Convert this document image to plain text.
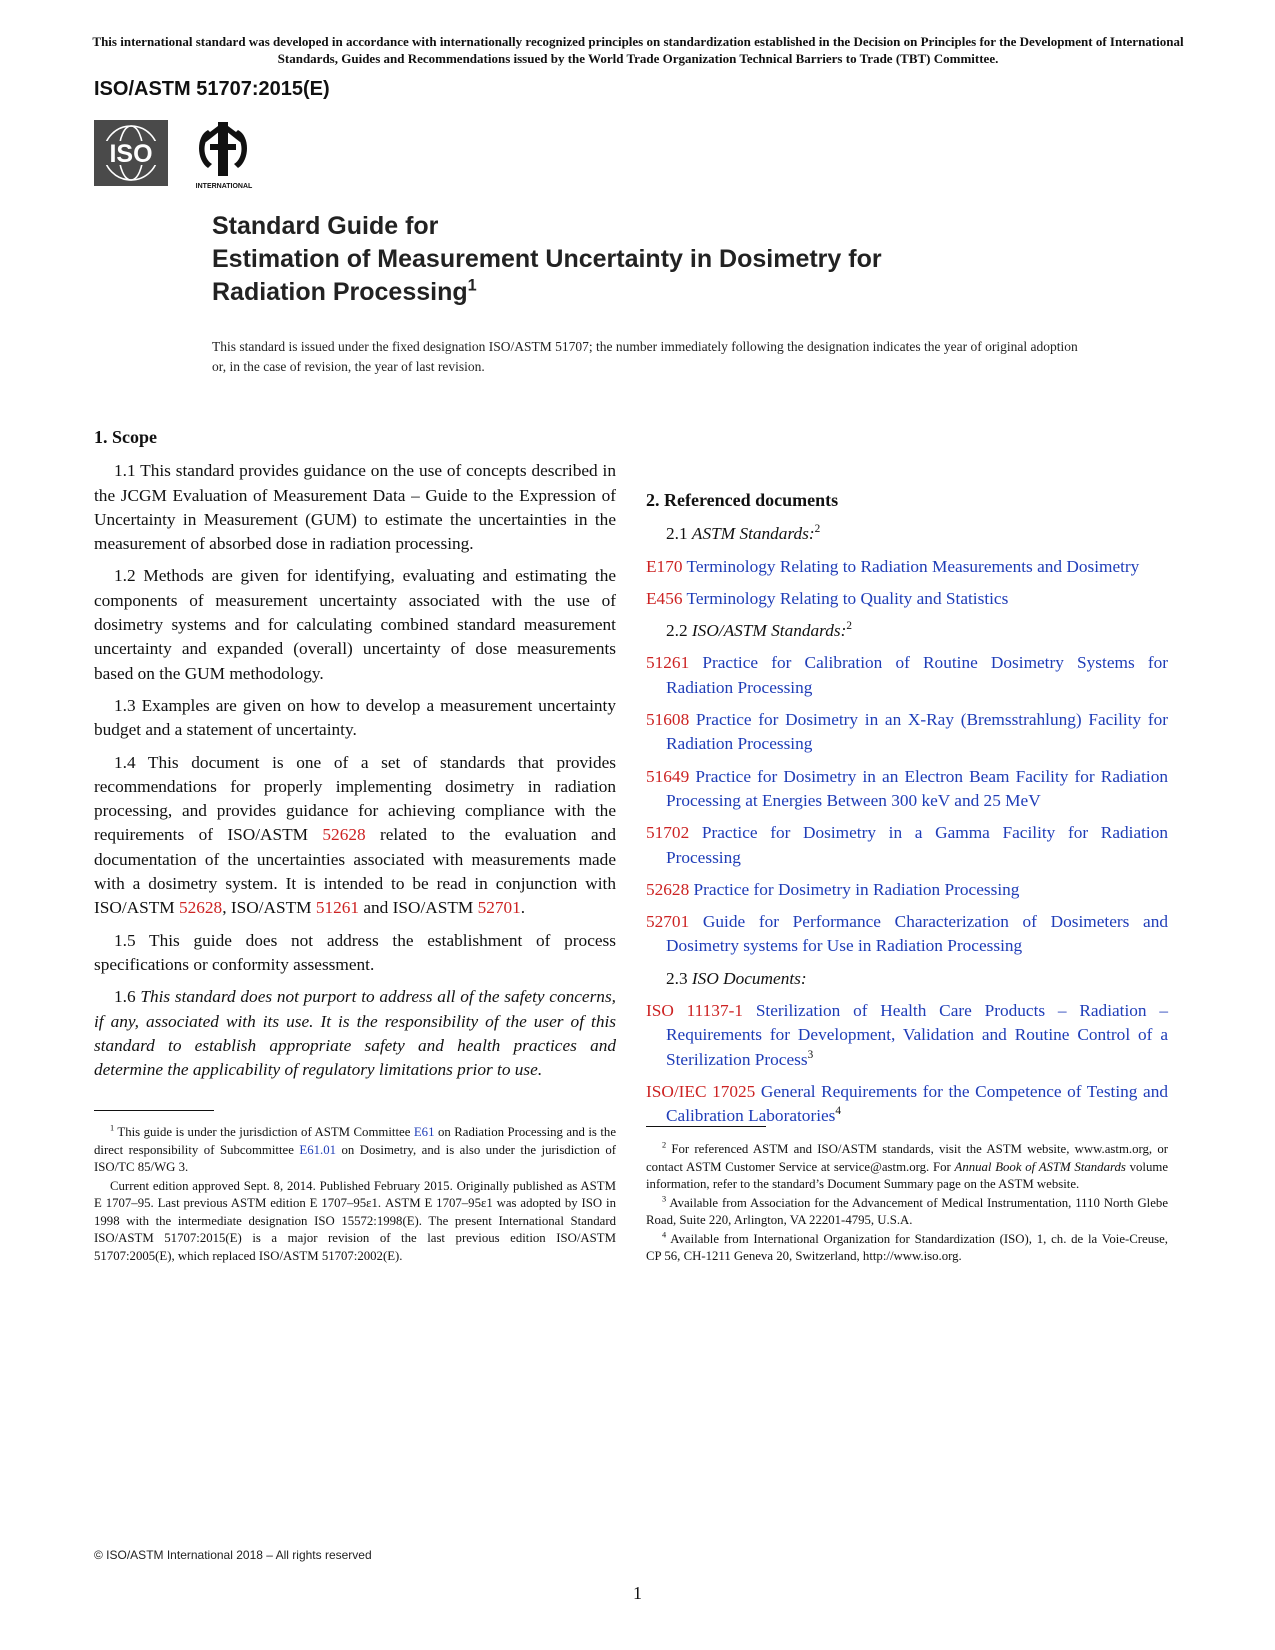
This international standard was developed in accordance with internationally recognized principles on standardization established in the Decision on Principles for the Development of International Standards, Guides and Recommendations issued by the World Trade Organization Technical Barriers to Trade (TBT) Committee.
ISO/ASTM 51707:2015(E)
ISO
INTERNATIONAL
Standard Guide for
Estimation of Measurement Uncertainty in Dosimetry for
Radiation Processing$^1$
This standard is issued under the fixed designation ISO/ASTM 51707; the number immediately following the designation indicates the year of original adoption or, in the case of revision, the year of last revision.
1. Scope

1.1 This standard provides guidance on the use of concepts described in the JCGM Evaluation of Measurement Data – Guide to the Expression of Uncertainty in Measurement (GUM) to estimate the uncertainties in the measurement of absorbed dose in radiation processing.

1.2 Methods are given for identifying, evaluating and estimating the components of measurement uncertainty associated with the use of dosimetry systems and for calculating combined standard measurement uncertainty and expanded (overall) uncertainty of dose measurements based on the GUM methodology.

1.3 Examples are given on how to develop a measurement uncertainty budget and a statement of uncertainty.

1.4 This document is one of a set of standards that provides recommendations for properly implementing dosimetry in radiation processing, and provides guidance for achieving compliance with the requirements of ISO/ASTM 52628 related to the evaluation and documentation of the uncertainties associated with measurements made with a dosimetry system. It is intended to be read in conjunction with ISO/ASTM 52628, ISO/ASTM 51261 and ISO/ASTM 52701.

1.5 This guide does not address the establishment of process specifications or conformity assessment.

1.6 This standard does not purport to address all of the safety concerns, if any, associated with its use. It is the responsibility of the user of this standard to establish appropriate safety and health practices and determine the applicability of regulatory limitations prior to use.

2. Referenced documents

2.1 ASTM Standards:$^2$

E170 Terminology Relating to Radiation Measurements and Dosimetry

E456 Terminology Relating to Quality and Statistics

2.2 ISO/ASTM Standards:$^2$

51261 Practice for Calibration of Routine Dosimetry Systems for Radiation Processing

51608 Practice for Dosimetry in an X-Ray (Bremsstrahlung) Facility for Radiation Processing

51649 Practice for Dosimetry in an Electron Beam Facility for Radiation Processing at Energies Between 300 keV and 25 MeV

51702 Practice for Dosimetry in a Gamma Facility for Radiation Processing

52628 Practice for Dosimetry in Radiation Processing

52701 Guide for Performance Characterization of Dosimeters and Dosimetry systems for Use in Radiation Processing

2.3 ISO Documents:

ISO 11137-1 Sterilization of Health Care Products – Radiation – Requirements for Development, Validation and Routine Control of a Sterilization Process$^3$

ISO/IEC 17025 General Requirements for the Competence of Testing and Calibration Laboratories$^4$

$^1$ This guide is under the jurisdiction of ASTM Committee E61 on Radiation Processing and is the direct responsibility of Subcommittee E61.01 on Dosimetry, and is also under the jurisdiction of ISO/TC 85/WG 3.

Current edition approved Sept. 8, 2014. Published February 2015. Originally published as ASTM E 1707–95. Last previous ASTM edition E 1707–95ε1. ASTM E 1707–95ε1 was adopted by ISO in 1998 with the intermediate designation ISO 15572:1998(E). The present International Standard ISO/ASTM 51707:2015(E) is a major revision of the last previous edition ISO/ASTM 51707:2005(E), which replaced ISO/ASTM 51707:2002(E).

$^2$ For referenced ASTM and ISO/ASTM standards, visit the ASTM website, www.astm.org, or contact ASTM Customer Service at service@astm.org. For Annual Book of ASTM Standards volume information, refer to the standard’s Document Summary page on the ASTM website.

$^3$ Available from Association for the Advancement of Medical Instrumentation, 1110 North Glebe Road, Suite 220, Arlington, VA 22201-4795, U.S.A.

$^4$ Available from International Organization for Standardization (ISO), 1, ch. de la Voie-Creuse, CP 56, CH-1211 Geneva 20, Switzerland, http://www.iso.org.

© ISO/ASTM International 2018 – All rights reserved
1
